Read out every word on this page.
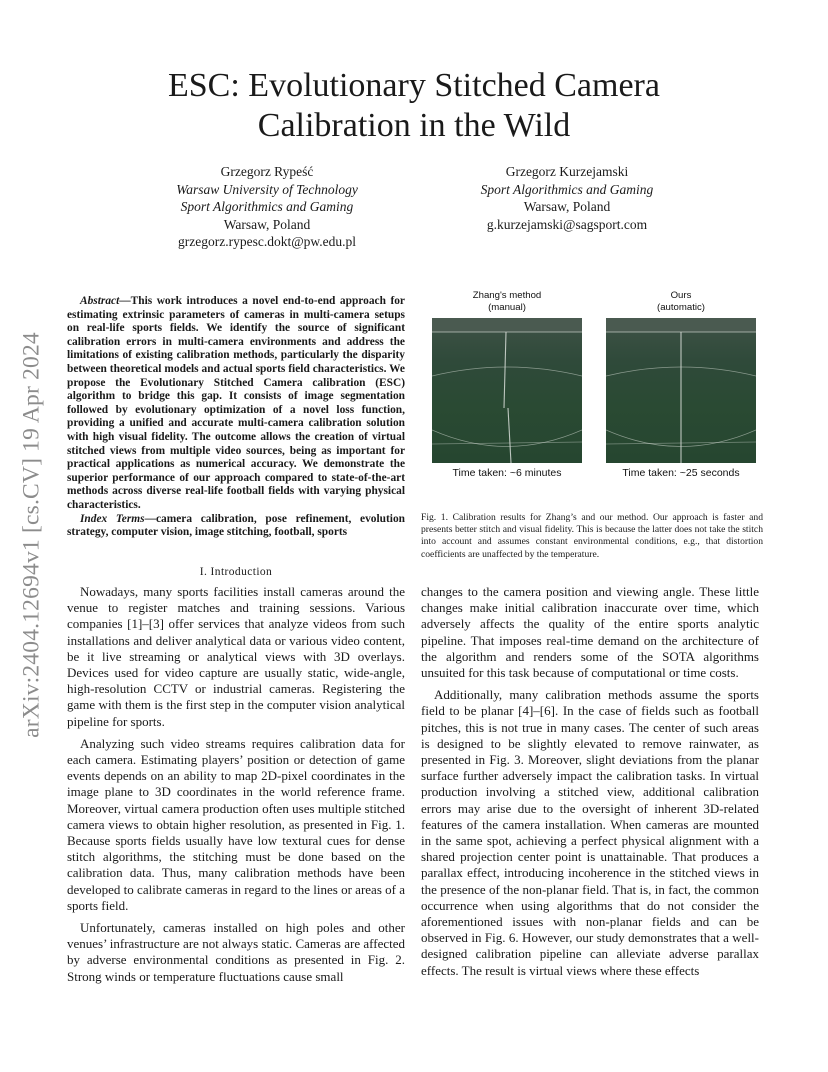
arXiv:2404.12694v1 [cs.CV] 19 Apr 2024
ESC: Evolutionary Stitched Camera
Calibration in the Wild
Grzegorz Rypeść
Warsaw University of Technology
Sport Algorithmics and Gaming
Warsaw, Poland
grzegorz.rypesc.dokt@pw.edu.pl
Grzegorz Kurzejamski
Sport Algorithmics and Gaming
Warsaw, Poland
g.kurzejamski@sagsport.com

Abstract—This work introduces a novel end-to-end approach for estimating extrinsic parameters of cameras in multi-camera setups on real-life sports fields. We identify the source of significant calibration errors in multi-camera environments and address the limitations of existing calibration methods, particularly the disparity between theoretical models and actual sports field characteristics. We propose the Evolutionary Stitched Camera calibration (ESC) algorithm to bridge this gap. It consists of image segmentation followed by evolutionary optimization of a novel loss function, providing a unified and accurate multi-camera calibration solution with high visual fidelity. The outcome allows the creation of virtual stitched views from multiple video sources, being as important for practical applications as numerical accuracy. We demonstrate the superior performance of our approach compared to state-of-the-art methods across diverse real-life football fields with varying physical characteristics.

Index Terms—camera calibration, pose refinement, evolution strategy, computer vision, image stitching, football, sports

I. Introduction

Nowadays, many sports facilities install cameras around the venue to register matches and training sessions. Various companies [1]–[3] offer services that analyze videos from such installations and deliver analytical data or various video content, be it live streaming or analytical views with 3D overlays. Devices used for video capture are usually static, wide-angle, high-resolution CCTV or industrial cameras. Registering the game with them is the first step in the computer vision analytical pipeline for sports.

Analyzing such video streams requires calibration data for each camera. Estimating players’ position or detection of game events depends on an ability to map 2D-pixel coordinates in the image plane to 3D coordinates in the world reference frame. Moreover, virtual camera production often uses multiple stitched camera views to obtain higher resolution, as presented in Fig. 1. Because sports fields usually have low textural cues for dense stitch algorithms, the stitching must be done based on the calibration data. Thus, many calibration methods have been developed to calibrate cameras in regard to the lines or areas of a sports field.

Unfortunately, cameras installed on high poles and other venues’ infrastructure are not always static. Cameras are affected by adverse environmental conditions as presented in Fig. 2. Strong winds or temperature fluctuations cause small

changes to the camera position and viewing angle. These little changes make initial calibration inaccurate over time, which adversely affects the quality of the entire sports analytic pipeline. That imposes real-time demand on the architecture of the algorithm and renders some of the SOTA algorithms unsuited for this task because of computational or time costs.

Additionally, many calibration methods assume the sports field to be planar [4]–[6]. In the case of fields such as football pitches, this is not true in many cases. The center of such areas is designed to be slightly elevated to remove rainwater, as presented in Fig. 3. Moreover, slight deviations from the planar surface further adversely impact the calibration tasks. In virtual production involving a stitched view, additional calibration errors may arise due to the oversight of inherent 3D-related features of the camera installation. When cameras are mounted in the same spot, achieving a perfect physical alignment with a shared projection center point is unattainable. That produces a parallax effect, introducing incoherence in the stitched views in the presence of the non-planar field. That is, in fact, the common occurrence when using algorithms that do not consider the aforementioned issues with non-planar fields and can be observed in Fig. 6. However, our study demonstrates that a well-designed calibration pipeline can alleviate adverse parallax effects. The result is virtual views where these effects

Zhang's method
(manual)
Time taken: ~6 minutes
Ours
(automatic)
Time taken: ~25 seconds
Fig. 1. Calibration results for Zhang’s and our method. Our approach is faster and presents better stitch and visual fidelity. This is because the latter does not take the stitch into account and assumes constant environmental conditions, e.g., that distortion coefficients are unaffected by the temperature.
